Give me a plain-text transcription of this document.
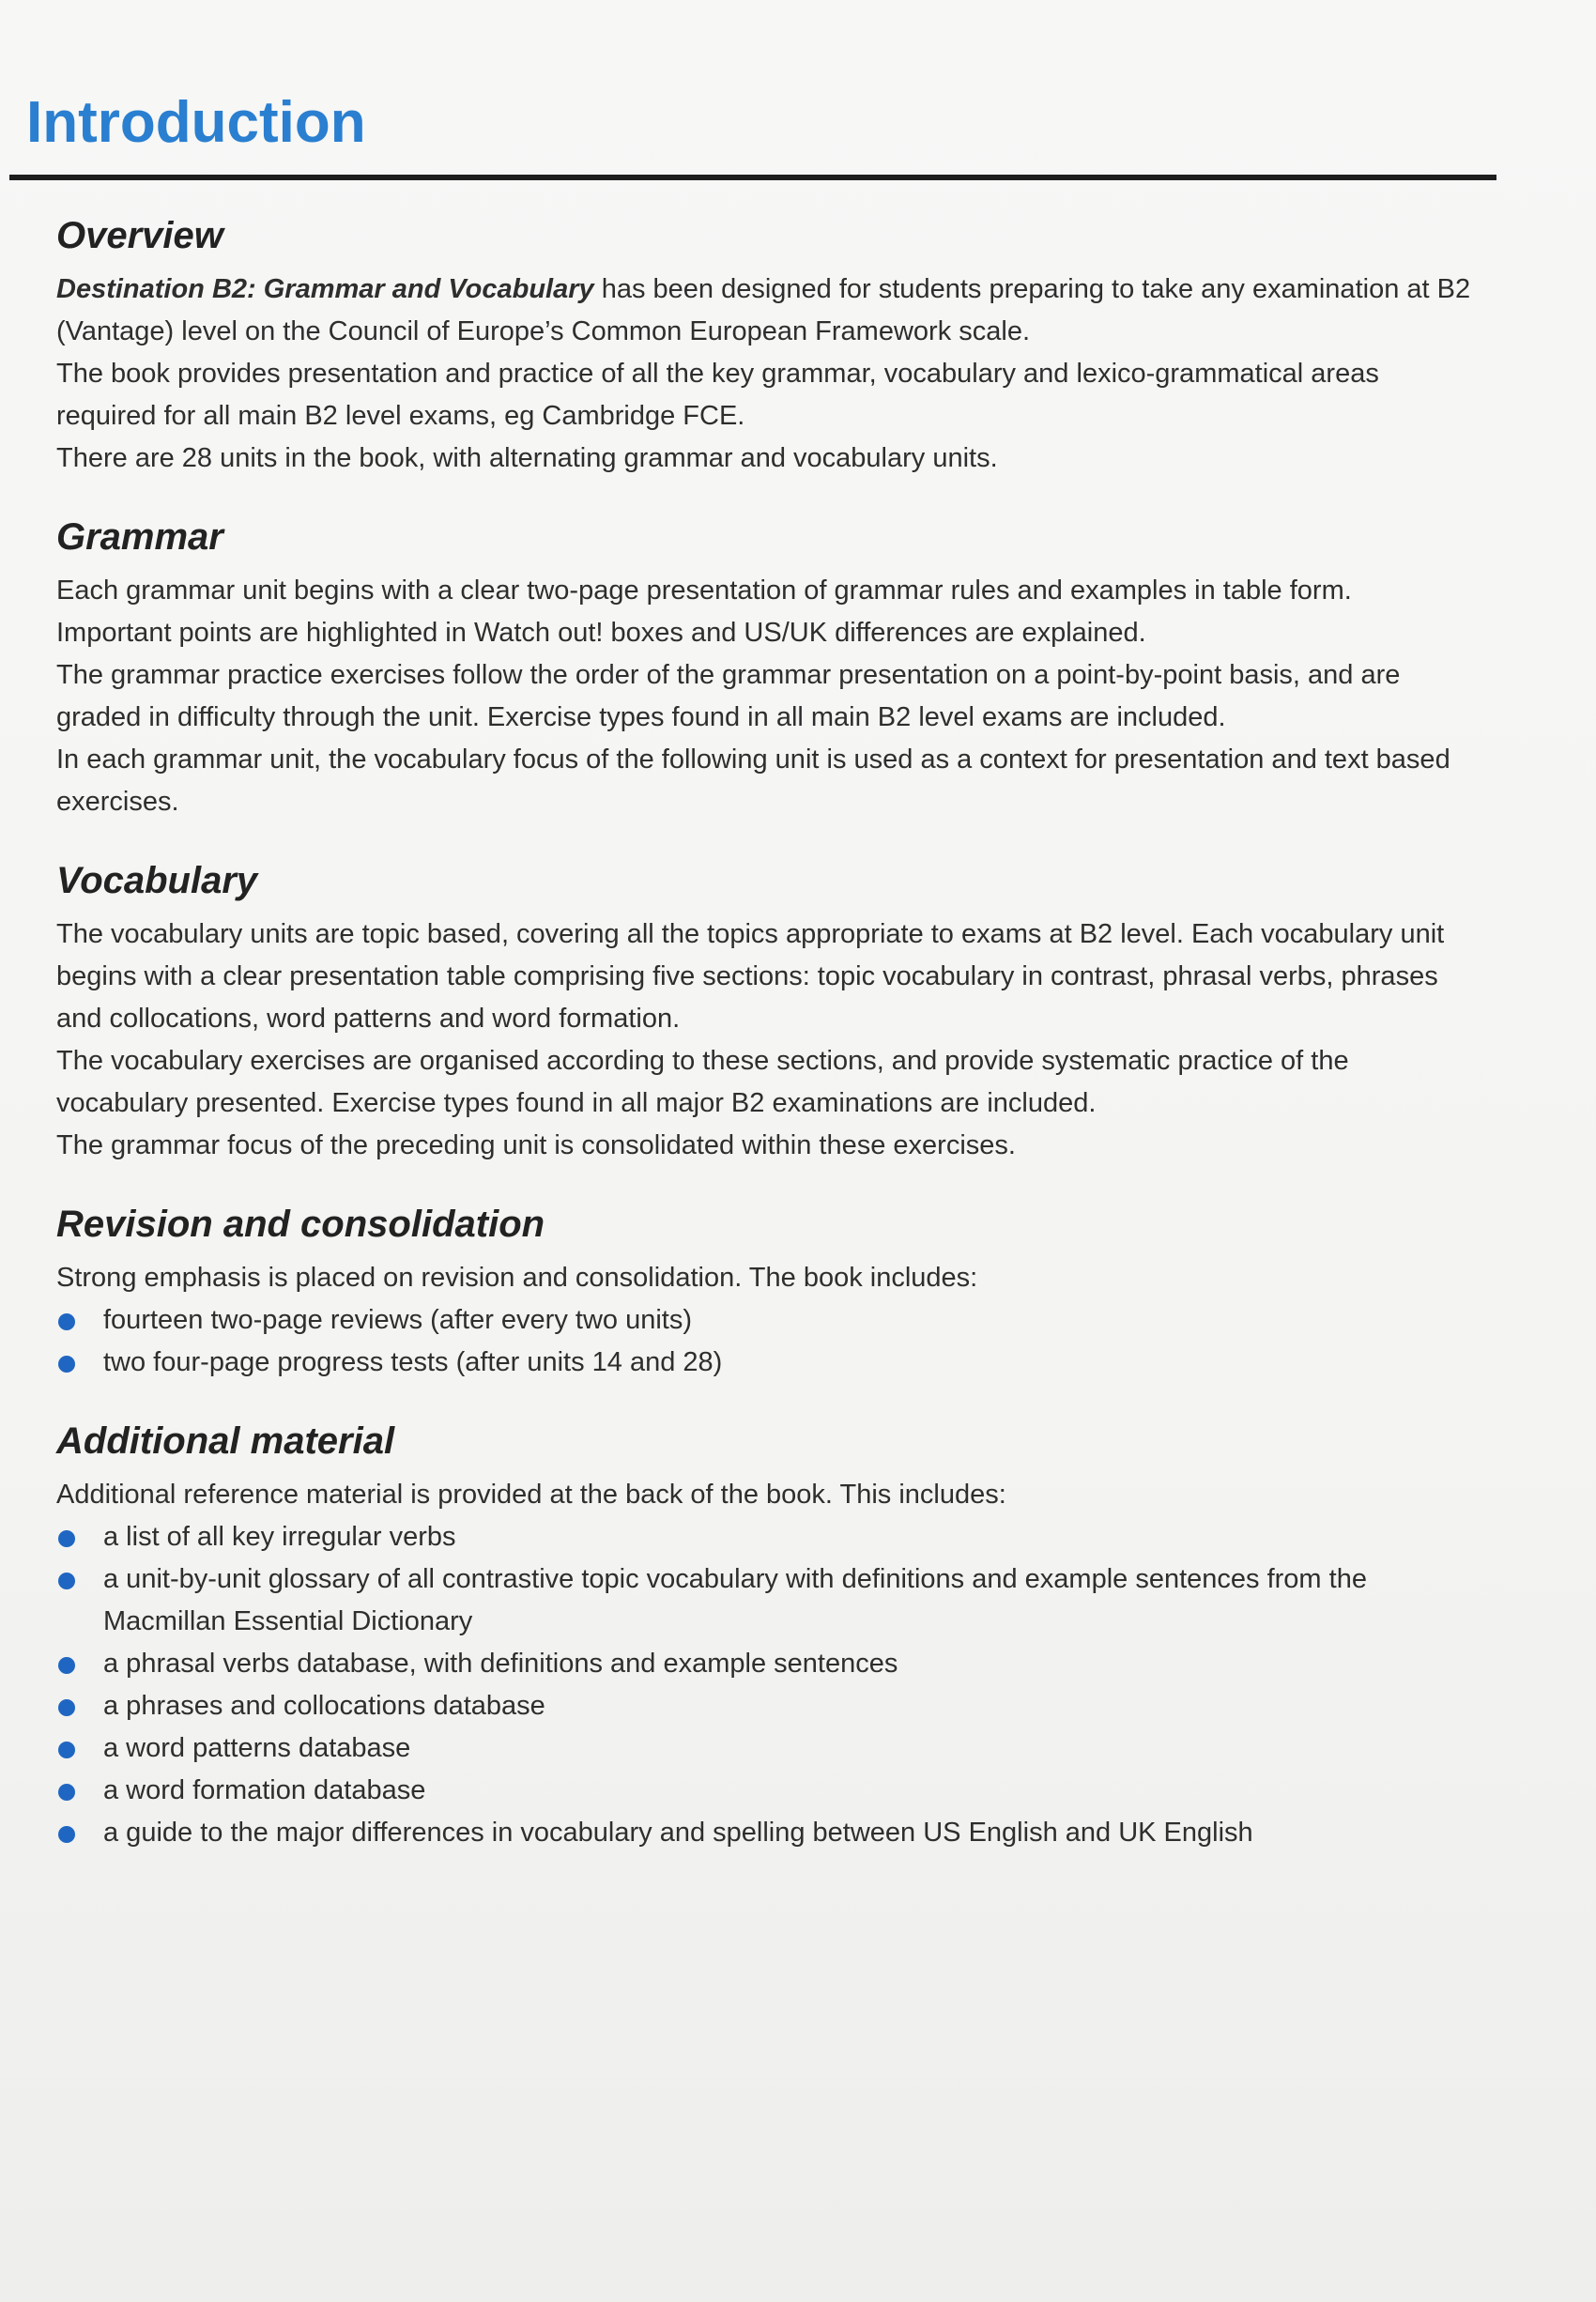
Introduction
Overview

Destination B2: Grammar and Vocabulary has been designed for students preparing to take any examination at B2 (Vantage) level on the Council of Europe’s Common European Framework scale.

The book provides presentation and practice of all the key grammar, vocabulary and lexico-grammatical areas required for all main B2 level exams, eg Cambridge FCE.

There are 28 units in the book, with alternating grammar and vocabulary units.

Grammar

Each grammar unit begins with a clear two-page presentation of grammar rules and examples in table form. Important points are highlighted in Watch out! boxes and US/UK differences are explained.

The grammar practice exercises follow the order of the grammar presentation on a point-by-point basis, and are graded in difficulty through the unit. Exercise types found in all main B2 level exams are included.

In each grammar unit, the vocabulary focus of the following unit is used as a context for presentation and text based exercises.

Vocabulary

The vocabulary units are topic based, covering all the topics appropriate to exams at B2 level. Each vocabulary unit begins with a clear presentation table comprising five sections: topic vocabulary in contrast, phrasal verbs, phrases and collocations, word patterns and word formation.

The vocabulary exercises are organised according to these sections, and provide systematic practice of the vocabulary presented. Exercise types found in all major B2 examinations are included.

The grammar focus of the preceding unit is consolidated within these exercises.

Revision and consolidation

Strong emphasis is placed on revision and consolidation. The book includes:

fourteen two-page reviews (after every two units)
two four-page progress tests (after units 14 and 28)
Additional material

Additional reference material is provided at the back of the book. This includes:

a list of all key irregular verbs
a unit-by-unit glossary of all contrastive topic vocabulary with definitions and example sentences from the Macmillan Essential Dictionary
a phrasal verbs database, with definitions and example sentences
a phrases and collocations database
a word patterns database
a word formation database
a guide to the major differences in vocabulary and spelling between US English and UK English
